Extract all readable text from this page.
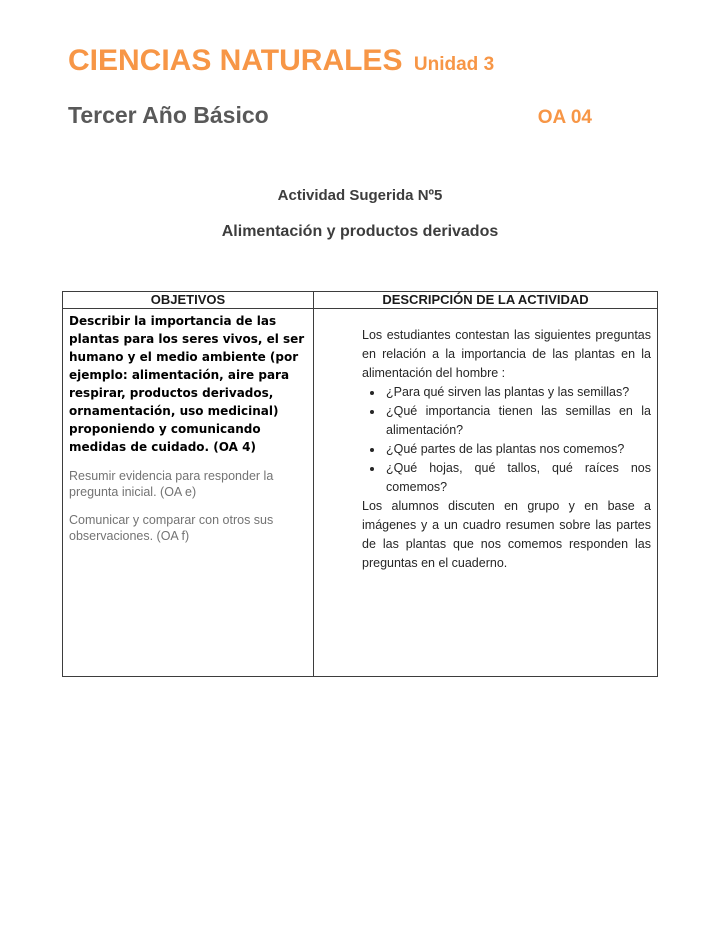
CIENCIAS NATURALES Unidad 3
Tercer Año Básico	OA 04
Actividad Sugerida Nº5
Alimentación y productos derivados
OBJETIVOS	DESCRIPCIÓN DE LA ACTIVIDAD

Describir la importancia de las plantas para los seres vivos, el ser humano y el medio ambiente (por ejemplo: alimentación, aire para respirar, productos derivados, ornamentación, uso medicinal) proponiendo y comunicando medidas de cuidado. (OA 4)

Resumir evidencia para responder la pregunta inicial. (OA e)

Comunicar y comparar con otros sus observaciones. (OA f)

Los estudiantes contestan las siguientes preguntas en relación a la importancia de las plantas en la alimentación del hombre :

• ¿Para qué sirven las plantas y las semillas?
• ¿Qué importancia tienen las semillas en la alimentación?
• ¿Qué partes de las plantas nos comemos?
• ¿Qué hojas, qué tallos, qué raíces nos comemos?

Los alumnos discuten en grupo y en base a imágenes y a un cuadro resumen sobre las partes de las plantas que nos comemos responden las preguntas en el cuaderno.
